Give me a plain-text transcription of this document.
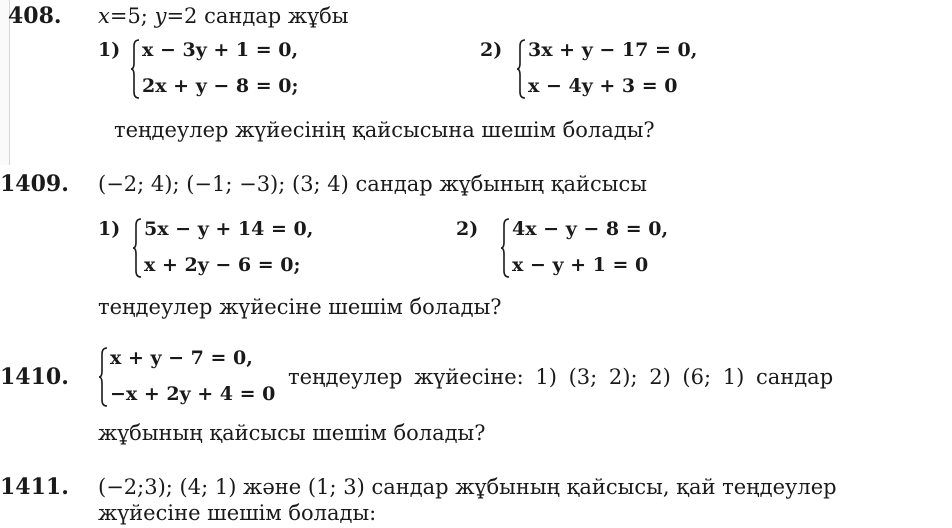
408. x=5; y=2 сандар жұбы
1) x − 3y + 1 = 0,
2x + y − 8 = 0;
2) 3x + y − 17 = 0,
x − 4y + 3 = 0
теңдеулер жүйесінің қайсысына шешім болады?
1409. (−2; 4); (−1; −3); (3; 4) сандар жұбының қайсысы
1) 5x − y + 14 = 0,
x + 2y − 6 = 0;
2) 4x − y − 8 = 0,
x − y + 1 = 0
теңдеулер жүйесіне шешім болады?
1410.
x + y − 7 = 0,
−x + 2y + 4 = 0
теңдеулер жүйесіне: 1) (3; 2); 2) (6; 1) сандар
жұбының қайсысы шешім болады?
1411. (−2;3); (4; 1) және (1; 3) сандар жұбының қайсысы, қай теңдеулер
жүйесіне шешім болады:
